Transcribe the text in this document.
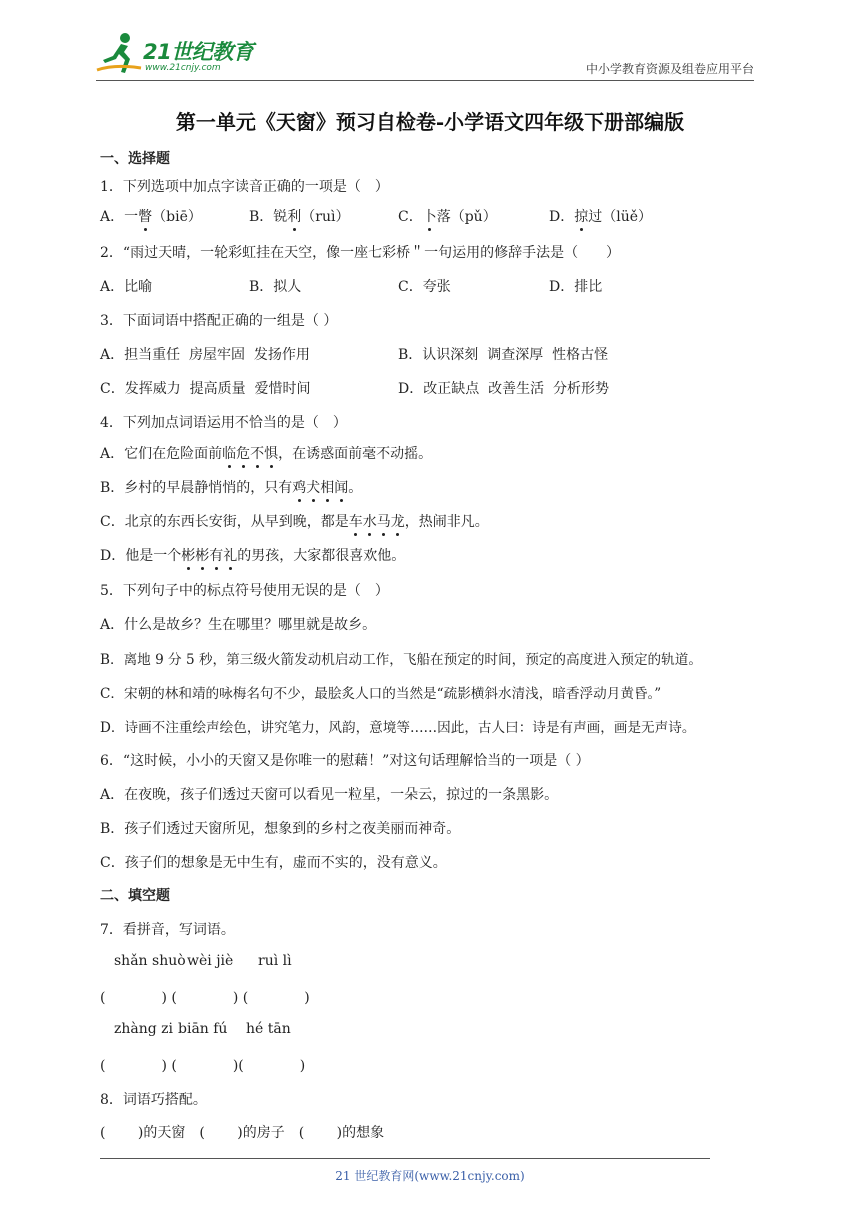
21世纪教育
www.21cnjy.com	中小学教育资源及组卷应用平台
第一单元《天窗》预习自检卷-小学语文四年级下册部编版
一、选择题
1．下列选项中加点字读音正确的一项是（　）
A．一瞥（biē）	B．锐利（ruì）	C．卜落（pǔ）	D．掠过（lüě）
2．“雨过天晴，一轮彩虹挂在天空，像一座七彩桥＂一句运用的修辞手法是（　　）
A．比喻	B．拟人	C．夸张	D．排比
3．下面词语中搭配正确的一组是（ ）
A．担当重任  房屋牢固  发扬作用	B．认识深刻  调查深厚  性格古怪
C．发挥威力  提高质量  爱惜时间	D．改正缺点  改善生活  分析形势
4．下列加点词语运用不恰当的是（　）
A．它们在危险面前临危不惧，在诱惑面前毫不动摇。
B．乡村的早晨静悄悄的，只有鸡犬相闻。
C．北京的东西长安街，从早到晚，都是车水马龙，热闹非凡。
D．他是一个彬彬有礼的男孩，大家都很喜欢他。
5．下列句子中的标点符号使用无误的是（　）
A．什么是故乡？生在哪里？哪里就是故乡。
B．离地 9 分 5 秒，第三级火箭发动机启动工作，飞船在预定的时间，预定的高度进入预定的轨道。
C．宋朝的林和靖的咏梅名句不少，最脍炙人口的当然是“疏影横斜水清浅，暗香浮动月黄昏。”
D．诗画不注重绘声绘色，讲究笔力，风韵，意境等……因此，古人曰：诗是有声画，画是无声诗。
6．“这时候，小小的天窗又是你唯一的慰藉！”对这句话理解恰当的一项是（ ）
A．在夜晚，孩子们透过天窗可以看见一粒星，一朵云，掠过的一条黑影。
B．孩子们透过天窗所见，想象到的乡村之夜美丽而神奇。
C．孩子们的想象是无中生有，虚而不实的，没有意义。
二、填空题
7．看拼音，写词语。
shǎn shuò wèi jiè ruì lì
(　　　　) (　　　　) (　　　　)
zhàng zi biān fú hé tān
(　　　　) (　　　　)(　　　　)
8．词语巧搭配。
(　　 )的天窗　(　　 )的房子　(　　 )的想象
21 世纪教育网(www.21cnjy.com)
